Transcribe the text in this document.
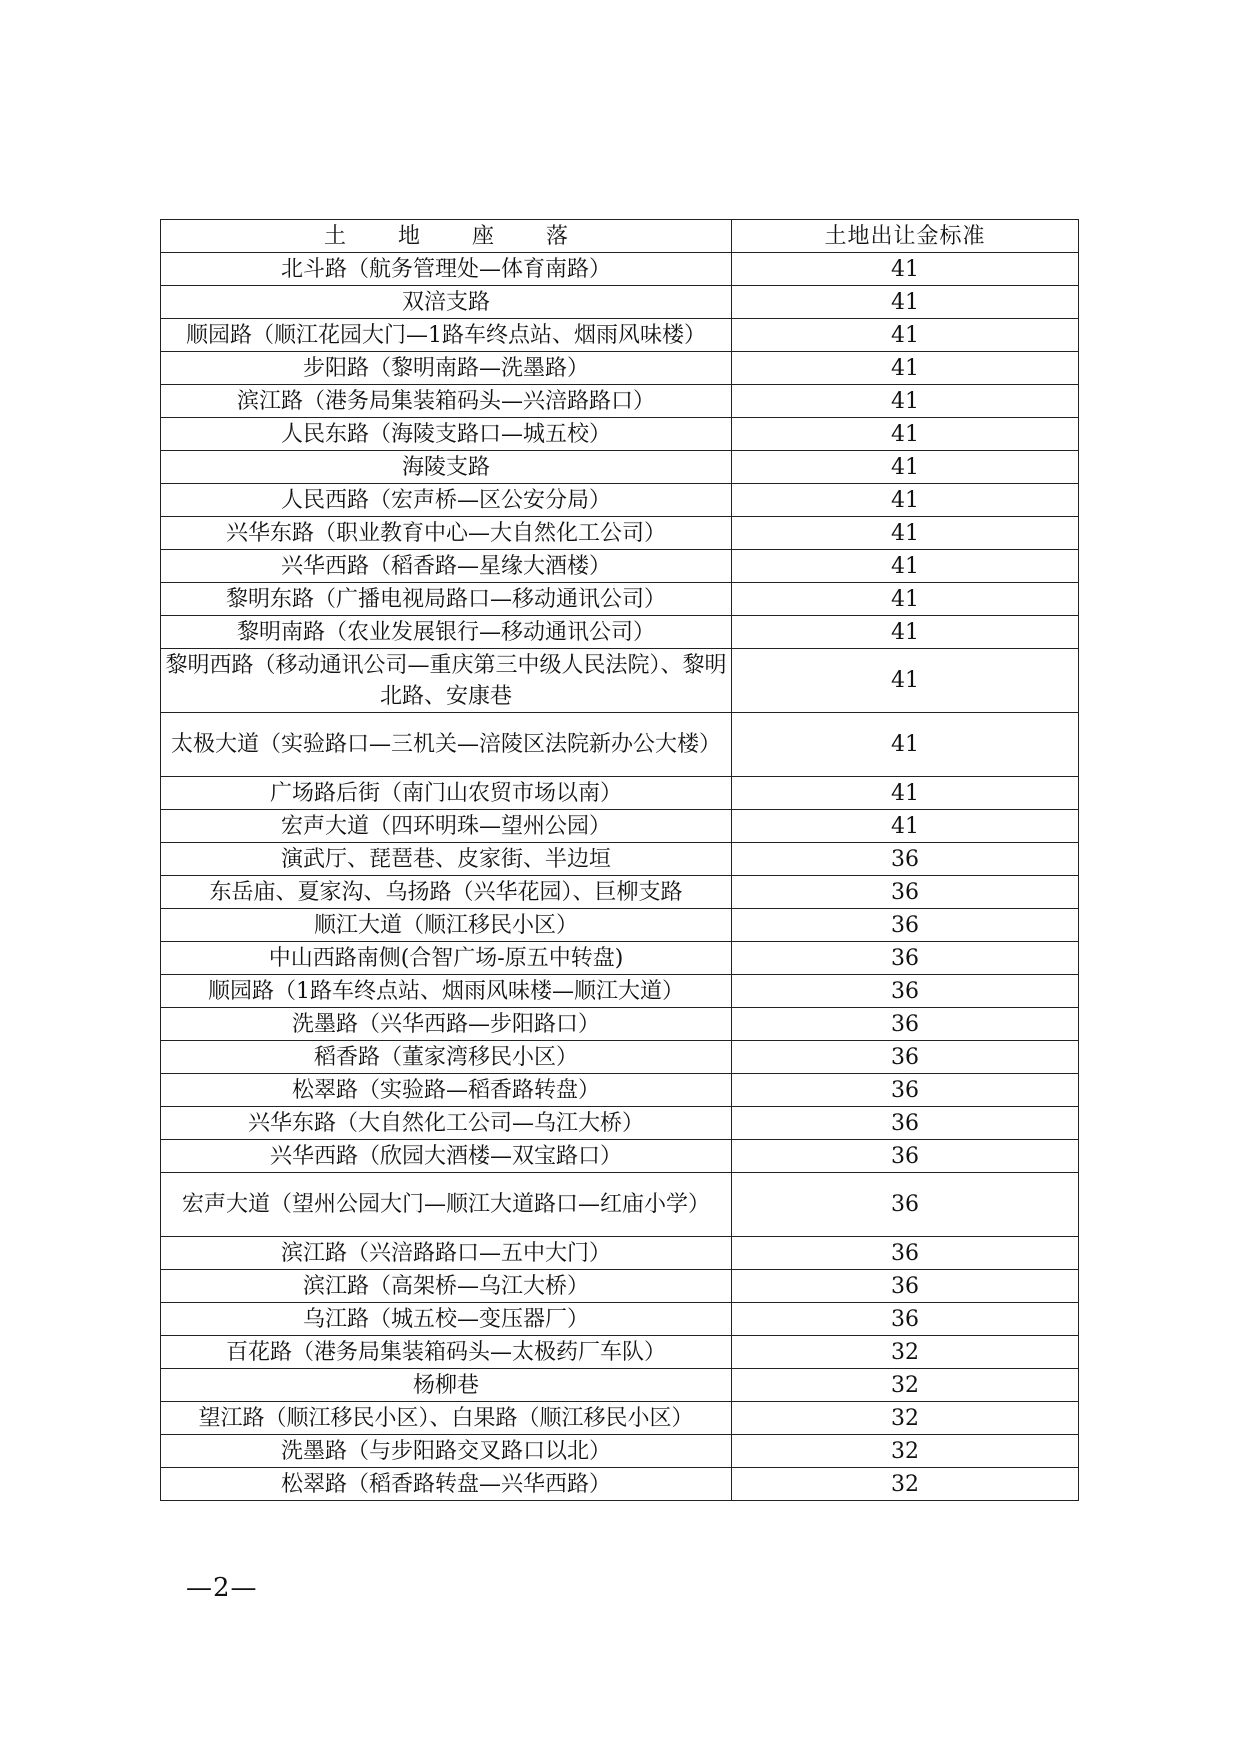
土地座落	土地出让金标准
北斗路（航务管理处—体育南路）	41
双涪支路	41
顺园路（顺江花园大门—1路车终点站、烟雨风味楼）	41
步阳路（黎明南路—洗墨路）	41
滨江路（港务局集装箱码头—兴涪路路口）	41
人民东路（海陵支路口—城五校）	41
海陵支路	41
人民西路（宏声桥—区公安分局）	41
兴华东路（职业教育中心—大自然化工公司）	41
兴华西路（稻香路—星缘大酒楼）	41
黎明东路（广播电视局路口—移动通讯公司）	41
黎明南路（农业发展银行—移动通讯公司）	41
黎明西路（移动通讯公司—重庆第三中级人民法院）、黎明北路、安康巷	41
太极大道（实验路口—三机关—涪陵区法院新办公大楼）	41
广场路后街（南门山农贸市场以南）	41
宏声大道（四环明珠—望州公园）	41
演武厅、琵琶巷、皮家街、半边垣	36
东岳庙、夏家沟、乌扬路（兴华花园）、巨柳支路	36
顺江大道（顺江移民小区）	36
中山西路南侧(合智广场-原五中转盘)	36
顺园路（1路车终点站、烟雨风味楼—顺江大道）	36
洗墨路（兴华西路—步阳路口）	36
稻香路（董家湾移民小区）	36
松翠路（实验路—稻香路转盘）	36
兴华东路（大自然化工公司—乌江大桥）	36
兴华西路（欣园大酒楼—双宝路口）	36
宏声大道（望州公园大门—顺江大道路口—红庙小学）	36
滨江路（兴涪路路口—五中大门）	36
滨江路（高架桥—乌江大桥）	36
乌江路（城五校—变压器厂）	36
百花路（港务局集装箱码头—太极药厂车队）	32
杨柳巷	32
望江路（顺江移民小区）、白果路（顺江移民小区）	32
洗墨路（与步阳路交叉路口以北）	32
松翠路（稻香路转盘—兴华西路）	32
—2—
